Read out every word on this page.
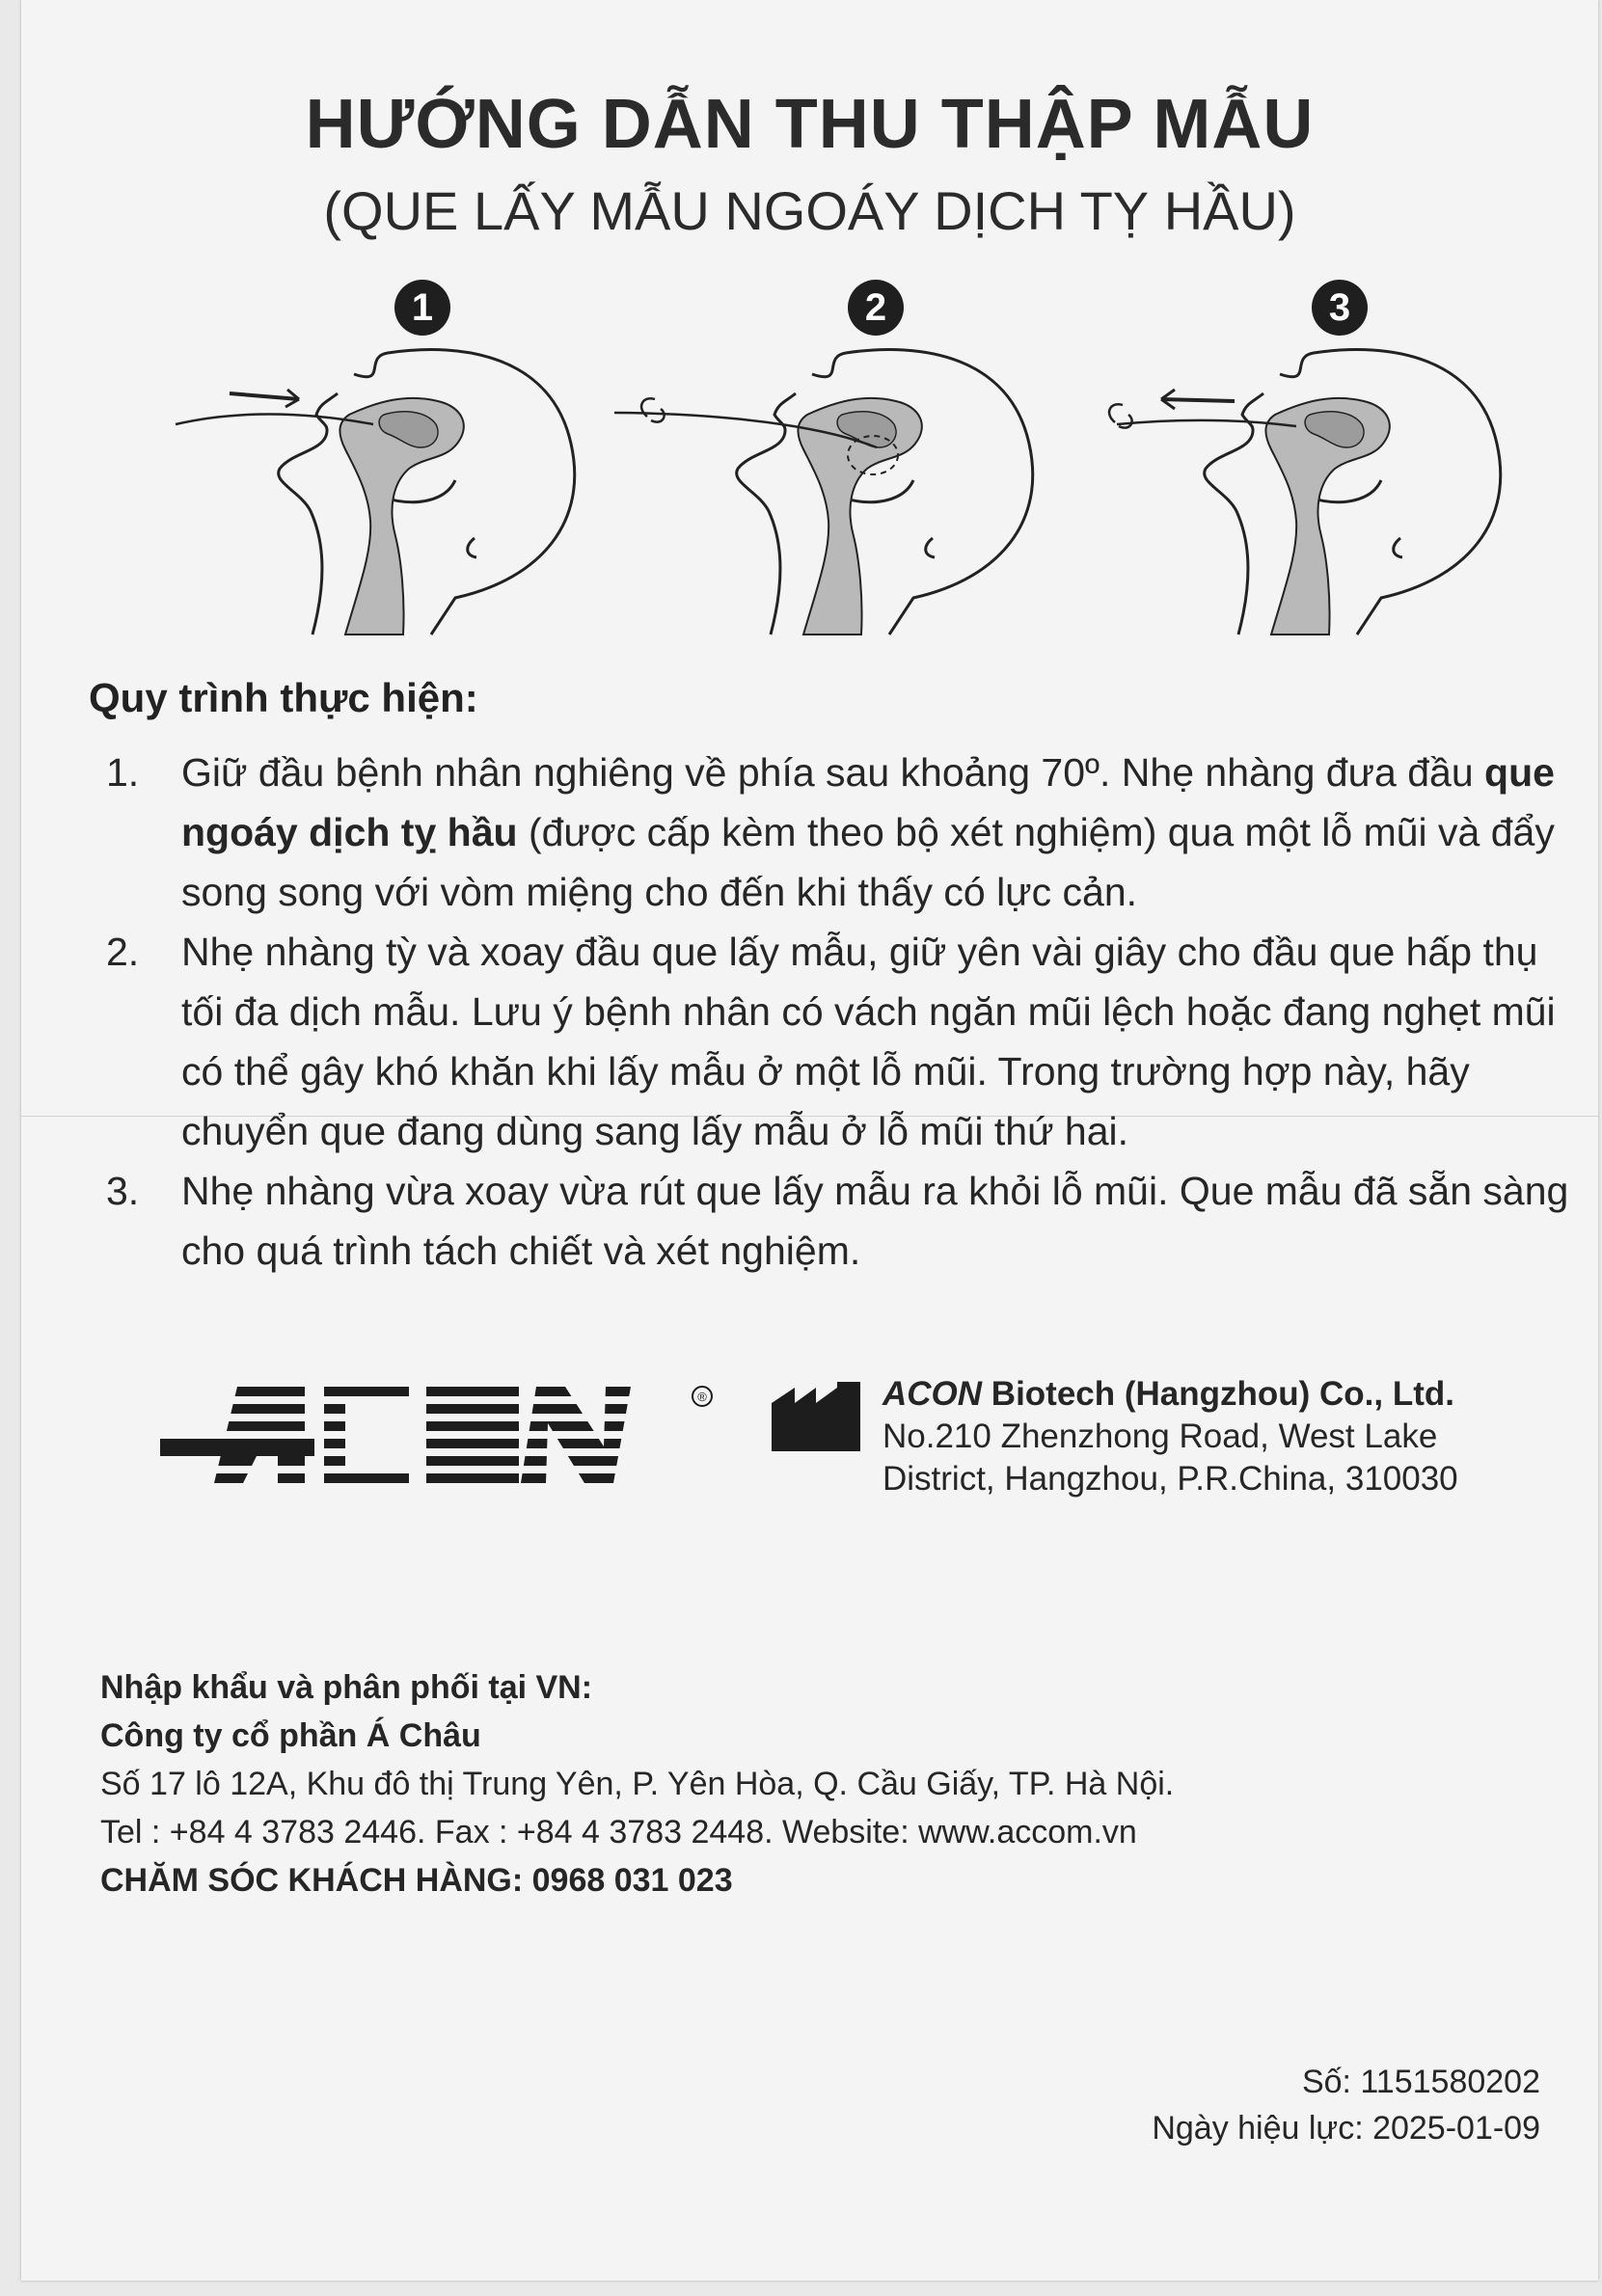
HƯỚNG DẪN THU THẬP MẪU
(QUE LẤY MẪU NGOÁY DỊCH TỴ HẦU)
1	2	3
Quy trình thực hiện:
1. Giữ đầu bệnh nhân nghiêng về phía sau khoảng 70º. Nhẹ nhàng đưa đầu que ngoáy dịch tỵ hầu (được cấp kèm theo bộ xét nghiệm) qua một lỗ mũi và đẩy song song với vòm miệng cho đến khi thấy có lực cản.
2. Nhẹ nhàng tỳ và xoay đầu que lấy mẫu, giữ yên vài giây cho đầu que hấp thụ tối đa dịch mẫu. Lưu ý bệnh nhân có vách ngăn mũi lệch hoặc đang nghẹt mũi có thể gây khó khăn khi lấy mẫu ở một lỗ mũi. Trong trường hợp này, hãy chuyển que đang dùng sang lấy mẫu ở lỗ mũi thứ hai.
3. Nhẹ nhàng vừa xoay vừa rút que lấy mẫu ra khỏi lỗ mũi. Que mẫu đã sẵn sàng cho quá trình tách chiết và xét nghiệm.
®	ACON Biotech (Hangzhou) Co., Ltd.
No.210 Zhenzhong Road, West Lake
District, Hangzhou, P.R.China, 310030
Nhập khẩu và phân phối tại VN:
Công ty cổ phần Á Châu
Số 17 lô 12A, Khu đô thị Trung Yên, P. Yên Hòa, Q. Cầu Giấy, TP. Hà Nội.
Tel : +84 4 3783 2446. Fax : +84 4 3783 2448. Website: www.accom.vn
CHĂM SÓC KHÁCH HÀNG: 0968 031 023
Số: 1151580202
Ngày hiệu lực: 2025-01-09
